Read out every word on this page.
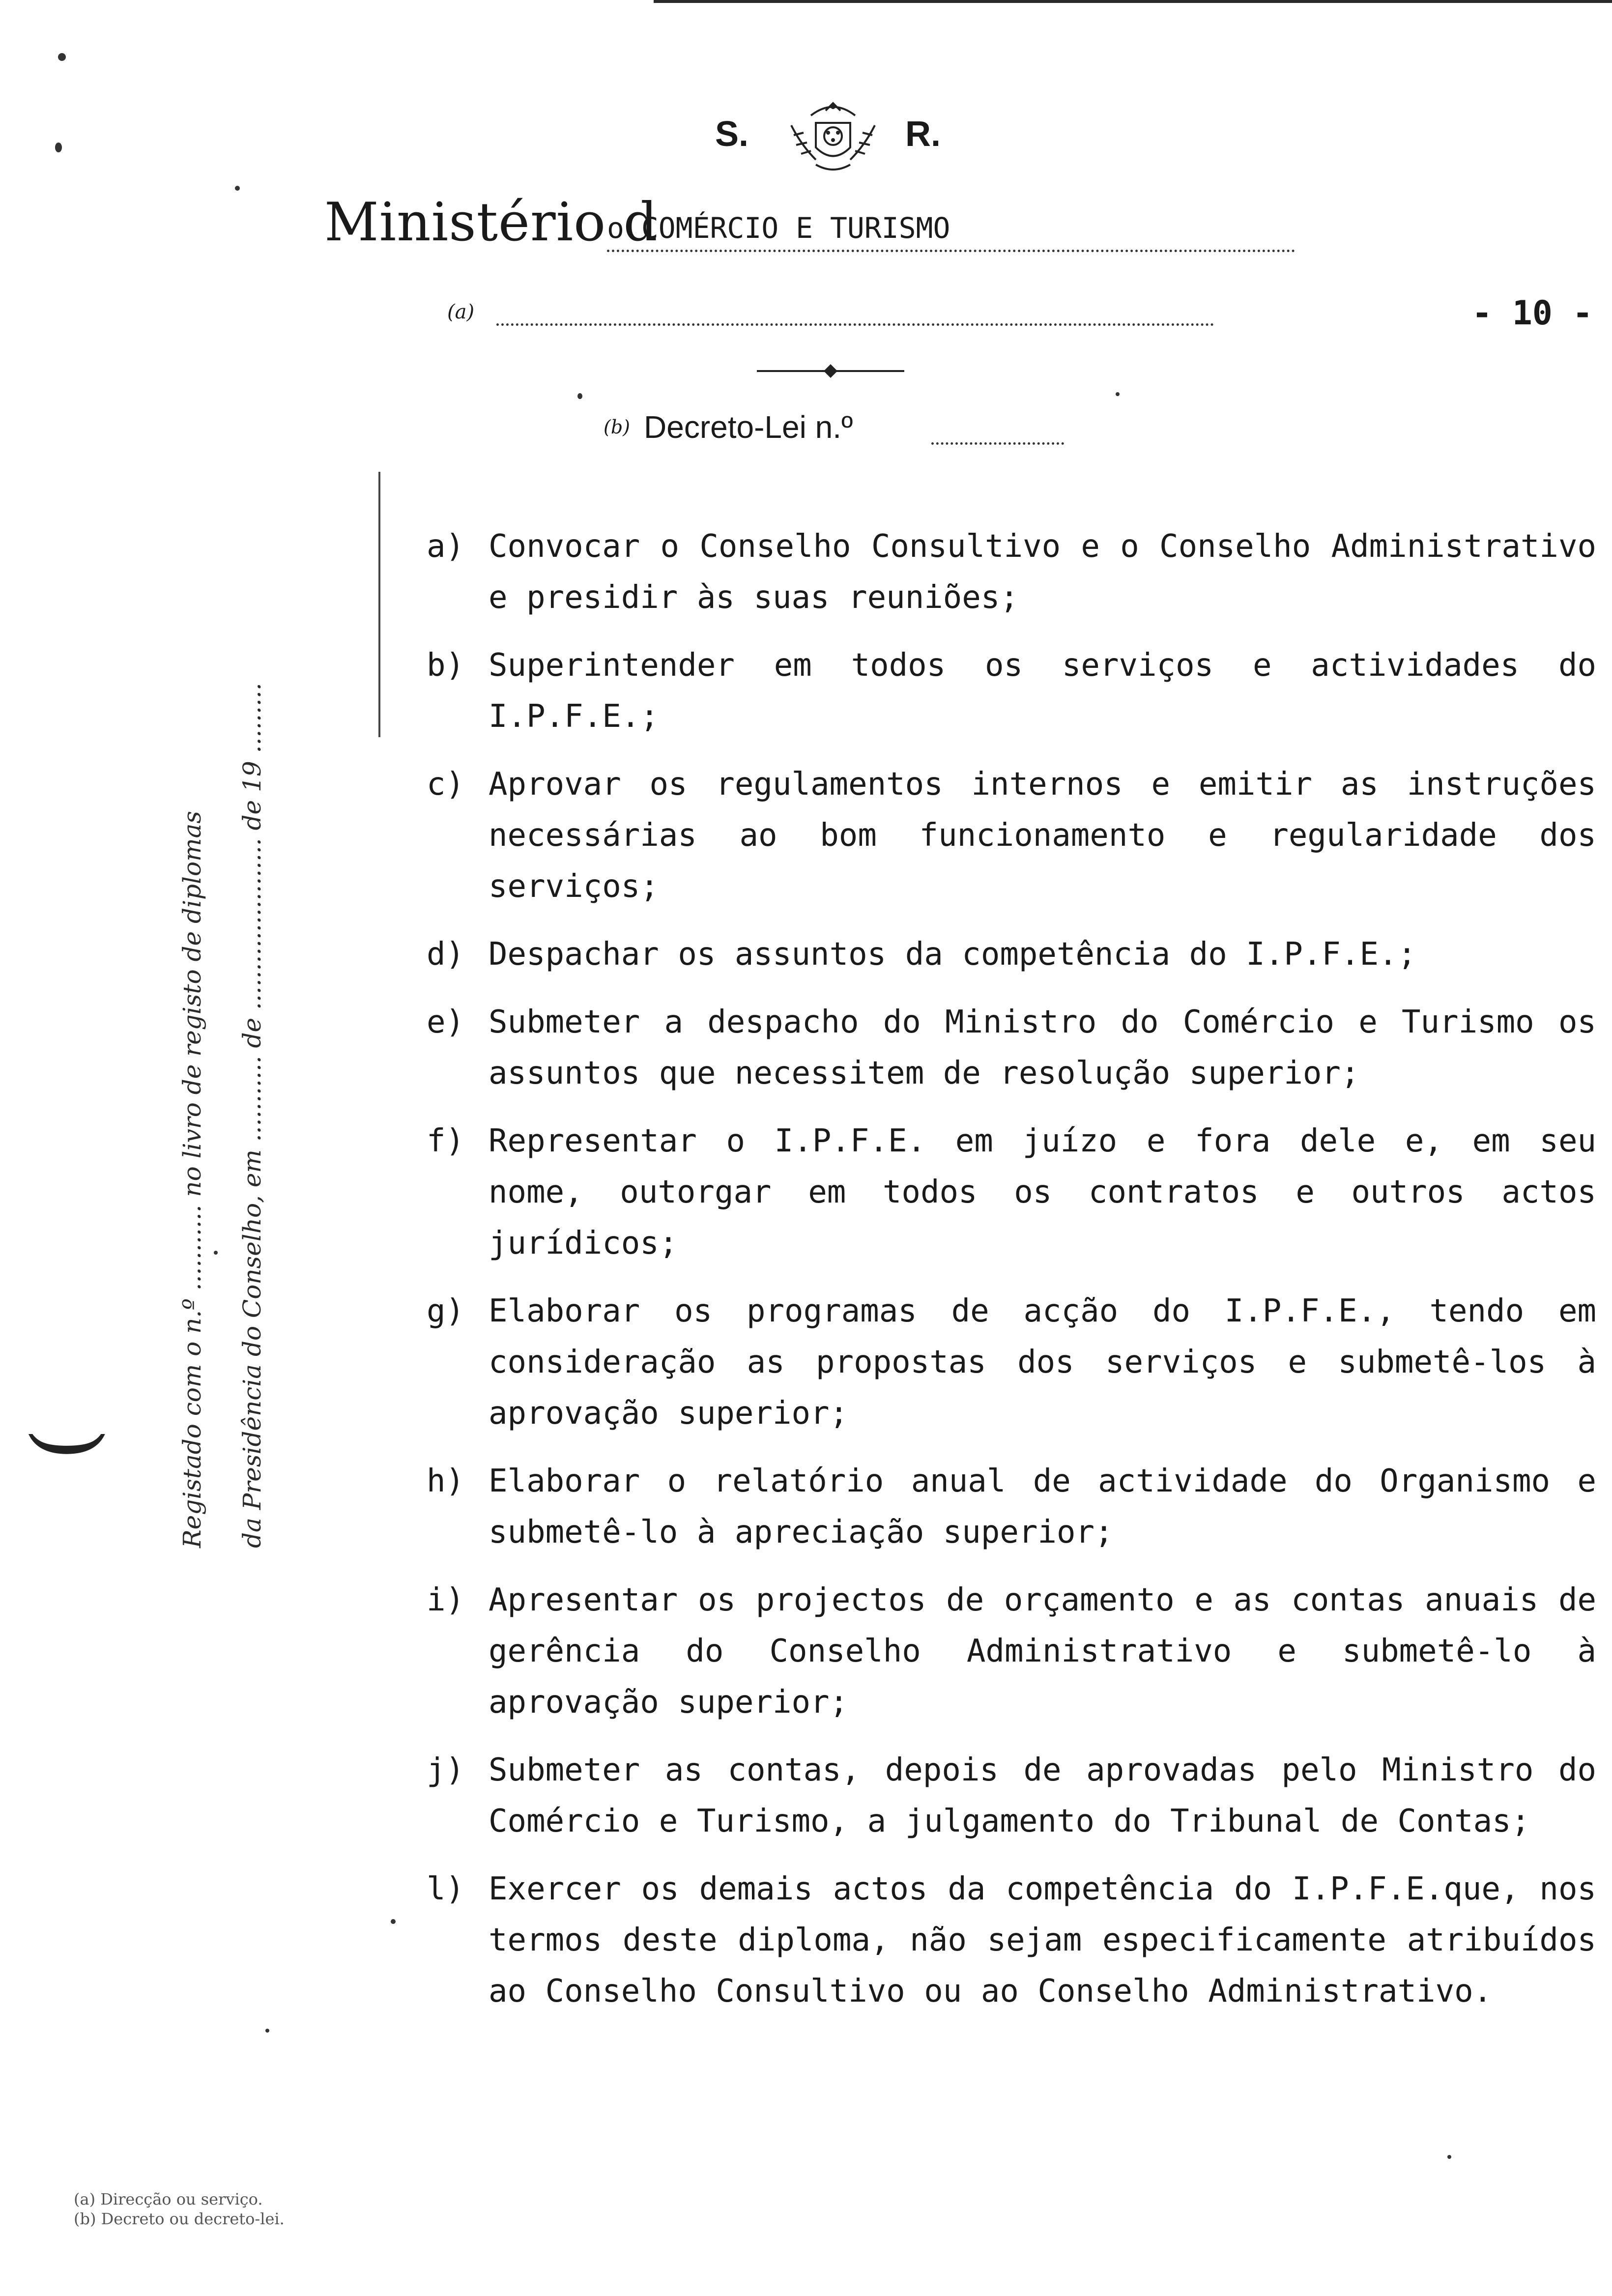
S.	R.
Ministério d
o COMÉRCIO E TURISMO
(a)	- 10 -
(b) Decreto-Lei n.º
a) Convocar o Conselho Consultivo e o Conselho Administrativo e presidir às suas reuniões;
b) Superintender em todos os serviços e actividades do I.P.F.E.;
c) Aprovar os regulamentos internos e emitir as instruções necessárias ao bom funcionamento e regularidade dos serviços;
d) Despachar os assuntos da competência do I.P.F.E.;
e) Submeter a despacho do Ministro do Comércio e Turismo os assuntos que necessitem de resolução superior;
f) Representar o I.P.F.E. em juízo e fora dele e, em seu nome, outorgar em todos os contratos e outros actos jurídicos;
g) Elaborar os programas de acção do I.P.F.E., tendo em consideração as propostas dos serviços e submetê-los à aprovação superior;
h) Elaborar o relatório anual de actividade do Organismo e submetê-lo à apreciação superior;
i) Apresentar os projectos de orçamento e as contas anuais de gerência do Conselho Administrativo e submetê-lo à aprovação superior;
j) Submeter as contas, depois de aprovadas pelo Ministro do Comércio e Turismo, a julgamento do Tribunal de Contas;
l) Exercer os demais actos da competência do I.P.F.E.que, nos termos deste diploma, não sejam especificamente atribuídos ao Conselho Consultivo ou ao Conselho Administrativo.
(	Registado com o n.º ........... no livro de registo de diplomas	da Presidência do Conselho, em ........... de ...................... de 19 .........
(a) Direcção ou serviço.
(b) Decreto ou decreto-lei.
